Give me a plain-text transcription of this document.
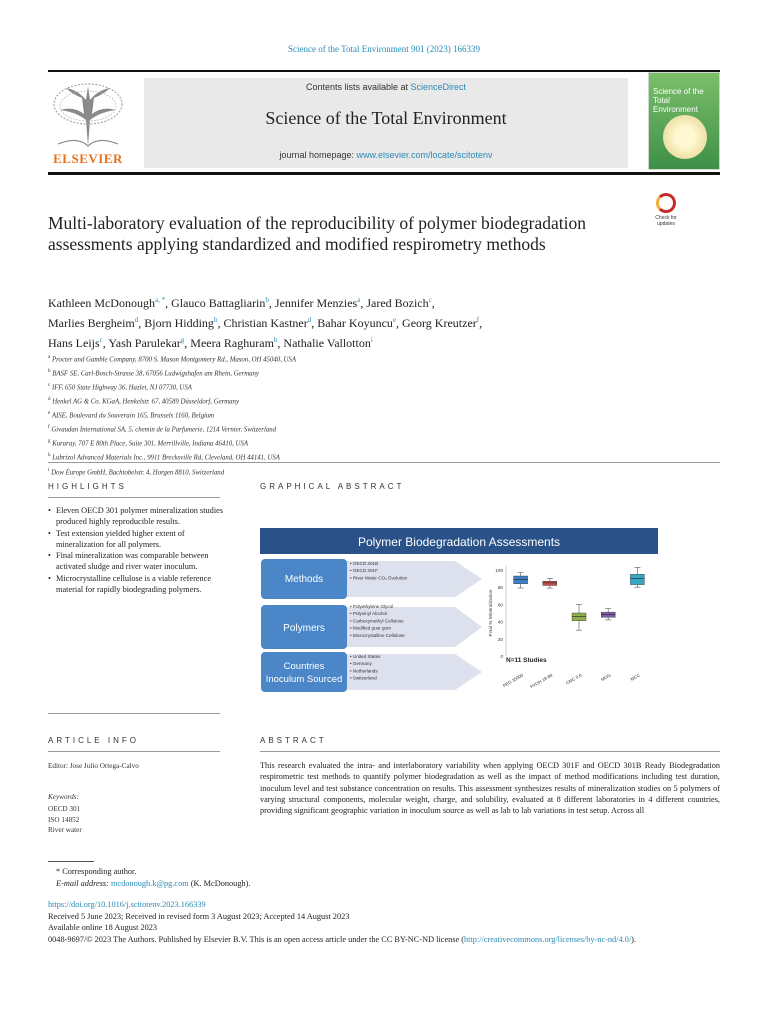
Science of the Total Environment 901 (2023) 166339
ELSEVIER
Contents lists available at ScienceDirect
Science of the Total Environment
journal homepage: www.elsevier.com/locate/scitotenv
Science of the Total Environment
Multi-laboratory evaluation of the reproducibility of polymer biodegradation assessments applying standardized and modified respirometry methods
Check for updates
Kathleen McDonough$^{a, *}$, Glauco Battagliarin$^b$, Jennifer Menzies$^a$, Jared Bozich$^c$,
Marlies Bergheim$^d$, Bjorn Hidding$^b$, Christian Kastner$^d$, Bahar Koyuncu$^e$, Georg Kreutzer$^f$,
Hans Leijs$^c$, Yash Parulekar$^g$, Meera Raghuram$^h$, Nathalie Vallotton$^i$
$^a$ Procter and Gamble Company, 8700 S. Mason Montgomery Rd., Mason, OH 45040, USA
$^b$ BASF SE, Carl-Bosch-Strasse 38, 67056 Ludwigshafen am Rhein, Germany
$^c$ IFF, 650 State Highway 36, Hazlet, NJ 07730, USA
$^d$ Henkel AG & Co. KGaA, Henkelstr. 67, 40589 Düsseldorf, Germany
$^e$ AISE, Boulevard du Souverain 165, Brussels 1160, Belgium
$^f$ Givaudan International SA, 5, chemin de la Parfumerie, 1214 Vernier, Switzerland
$^g$ Kuraray, 707 E 80th Place, Suite 301, Merrillville, Indiana 46410, USA
$^h$ Lubrizol Advanced Materials Inc., 9911 Brecksville Rd, Cleveland, OH 44141, USA
$^i$ Dow Europe GmbH, Bachtobelstr. 4, Horgen 8810, Switzerland
HIGHLIGHTS	GRAPHICAL ABSTRACT
• Eleven OECD 301 polymer mineralization studies produced highly reproducible results.
• Test extension yielded higher extent of mineralization for all polymers.
• Final mineralization was comparable between activated sludge and river water inoculum.
• Microcrystalline cellulose is a viable reference material for rapidly biodegrading polymers.
Polymer Biodegradation Assessments
Methods
Polymers
Countries
Inoculum Sourced
• OECD 301B
• OECD 301F
• River Water CO₂ Evolution
• Polyethylene Glycol
• Polyvinyl Alcohol
• Carboxymethyl Cellulose
• Modified guar gum
• Microcrystalline Cellulose
• United States
• Germany
• Netherlands
• Switzerland
0
20
40
60
80
100
Final % Mineralization
PEG 35000 PVOH 18-88	CMC 0.6	MGG	MCC
N=11 Studies
ARTICLE INFO	ABSTRACT
Editor: Jose Julio Ortega-Calvo
Keywords:
OECD 301
ISO 14852
River water
This research evaluated the intra- and interlaboratory variability when applying OECD 301F and OECD 301B Ready Biodegradation respirometric test methods to quantify polymer biodegradation as well as the impact of method modifications including test duration, inoculum level and test substance concentration on results. This assessment synthesizes results of mineralization studies on 5 polymers of varying structural components, molecular weight, charge, and solubility, evaluated at 8 different laboratories in 4 different countries, providing significant geographic variation in inoculum source as well as lab to lab variations in test setup. Across all
* Corresponding author.
E-mail address: mcdonough.k@pg.com (K. McDonough).
https://doi.org/10.1016/j.scitotenv.2023.166339
Received 5 June 2023; Received in revised form 3 August 2023; Accepted 14 August 2023
Available online 18 August 2023
0048-9697/© 2023 The Authors. Published by Elsevier B.V. This is an open access article under the CC BY-NC-ND license (http://creativecommons.org/licenses/by-nc-nd/4.0/).
